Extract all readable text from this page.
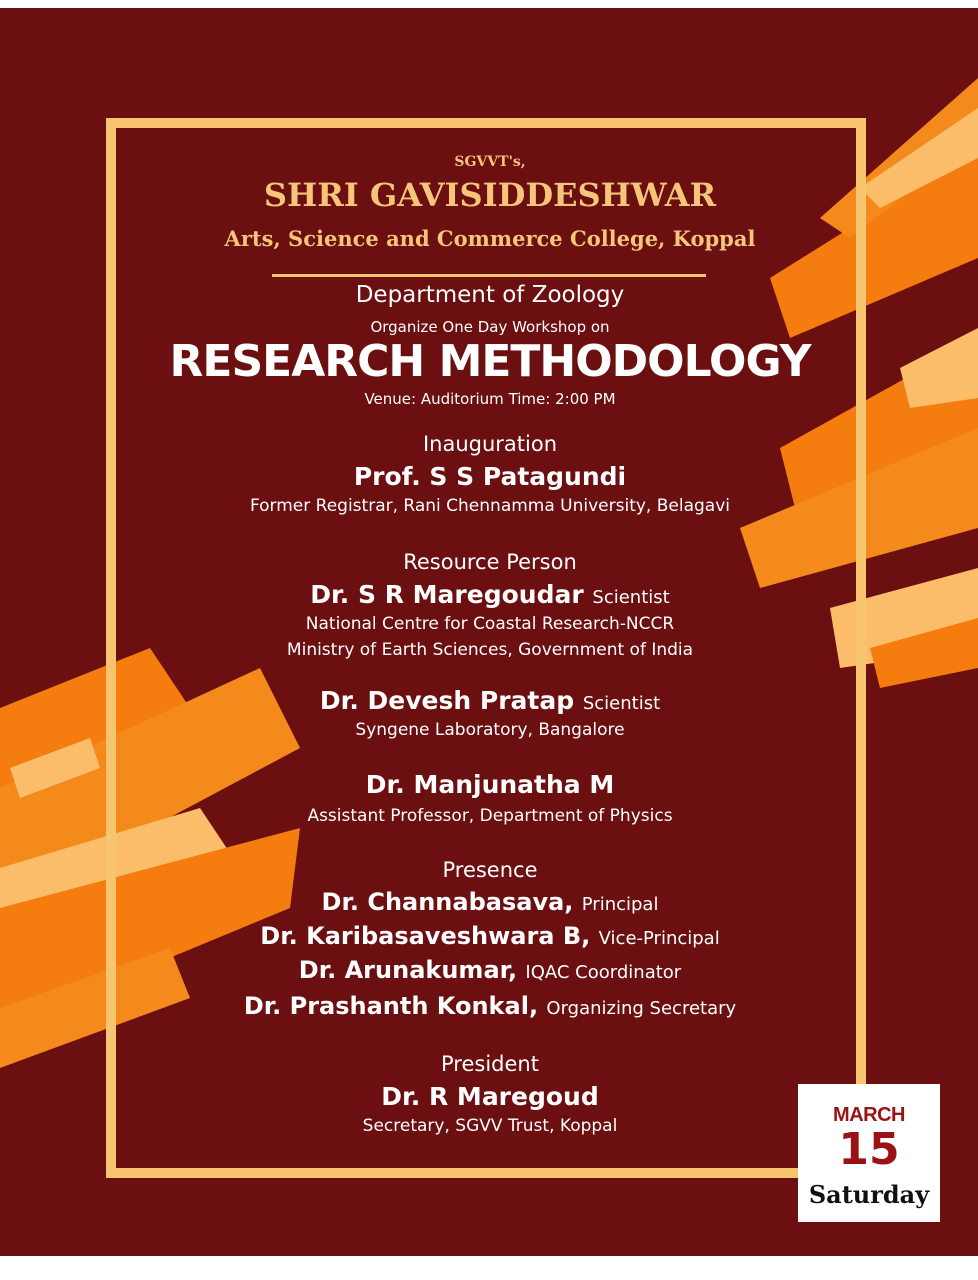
SGVVT's,
SHRI GAVISIDDESHWAR
Arts, Science and Commerce College, Koppal
Department of Zoology
Organize One Day Workshop on
RESEARCH METHODOLOGY
Venue: Auditorium Time: 2:00 PM
Inauguration
Prof. S S Patagundi
Former Registrar, Rani Chennamma University, Belagavi
Resource Person
Dr. S R Maregoudar Scientist
National Centre for Coastal Research-NCCR
Ministry of Earth Sciences, Government of India
Dr. Devesh Pratap Scientist
Syngene Laboratory, Bangalore
Dr. Manjunatha M
Assistant Professor, Department of Physics
Presence
Dr. Channabasava, Principal
Dr. Karibasaveshwara B, Vice-Principal
Dr. Arunakumar, IQAC Coordinator
Dr. Prashanth Konkal, Organizing Secretary
President
Dr. R Maregoud
Secretary, SGVV Trust, Koppal	MARCH
15
Saturday
